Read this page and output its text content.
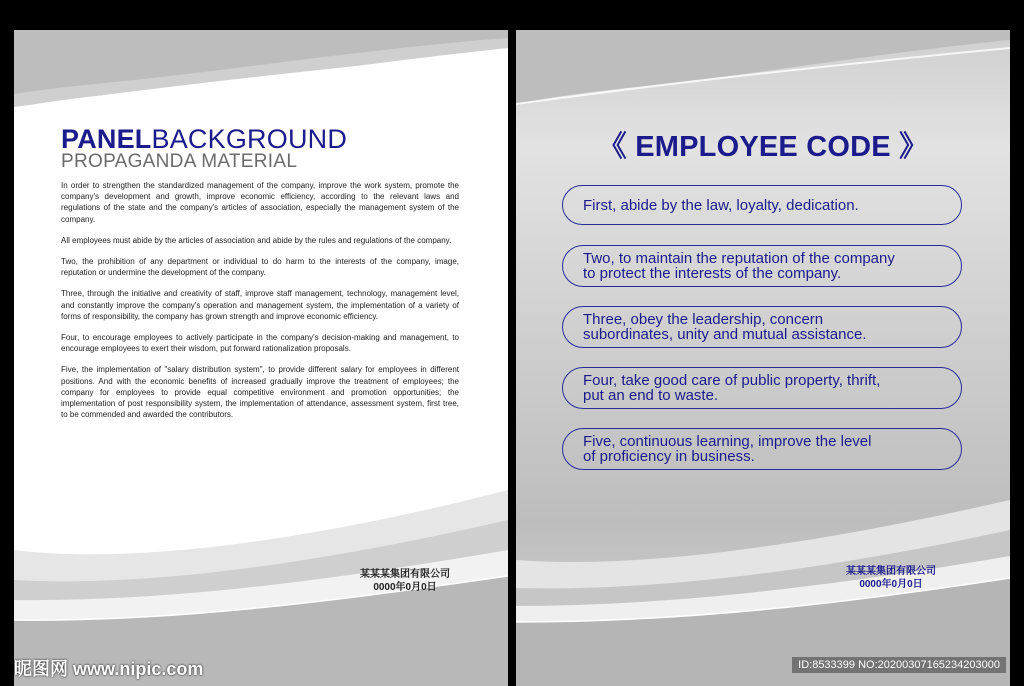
PANELBACKGROUND
PROPAGANDA MATERIAL

In order to strengthen the standardized management of the company, improve the work system, promote the company's development and growth, improve economic efficiency, according to the relevant laws and regulations of the state and the company's articles of association, especially the management system of the company.

All employees must abide by the articles of association and abide by the rules and regulations of the company.

Two, the prohibition of any department or individual to do harm to the interests of the company, image, reputation or undermine the development of the company.

Three, through the initiative and creativity of staff, improve staff management, technology, management level, and constantly improve the company's operation and management system, the implementation of a variety of forms of responsibility, the company has grown strength and improve economic efficiency.

Four, to encourage employees to actively participate in the company's decision-making and management, to encourage employees to exert their wisdom, put forward rationalization proposals.

Five, the implementation of "salary distribution system", to provide different salary for employees in different positions. And with the economic benefits of increased gradually improve the treatment of employees; the company for employees to provide equal competitive environment and promotion opportunities; the implementation of post responsibility system, the implementation of attendance, assessment system, first tree, to be commended and awarded the contributors.

某某某集团有限公司
0000年0月0日
《 EMPLOYEE CODE 》
First, abide by the law, loyalty, dedication.
Two, to maintain the reputation of the company
to protect the interests of the company.
Three, obey the leadership, concern
subordinates, unity and mutual assistance.
Four, take good care of public property, thrift,
put an end to waste.
Five, continuous learning, improve the level
of proficiency in business.
某某某集团有限公司
0000年0月0日
昵图网 www.nipic.com	ID:8533399 NO:20200307165234203000
